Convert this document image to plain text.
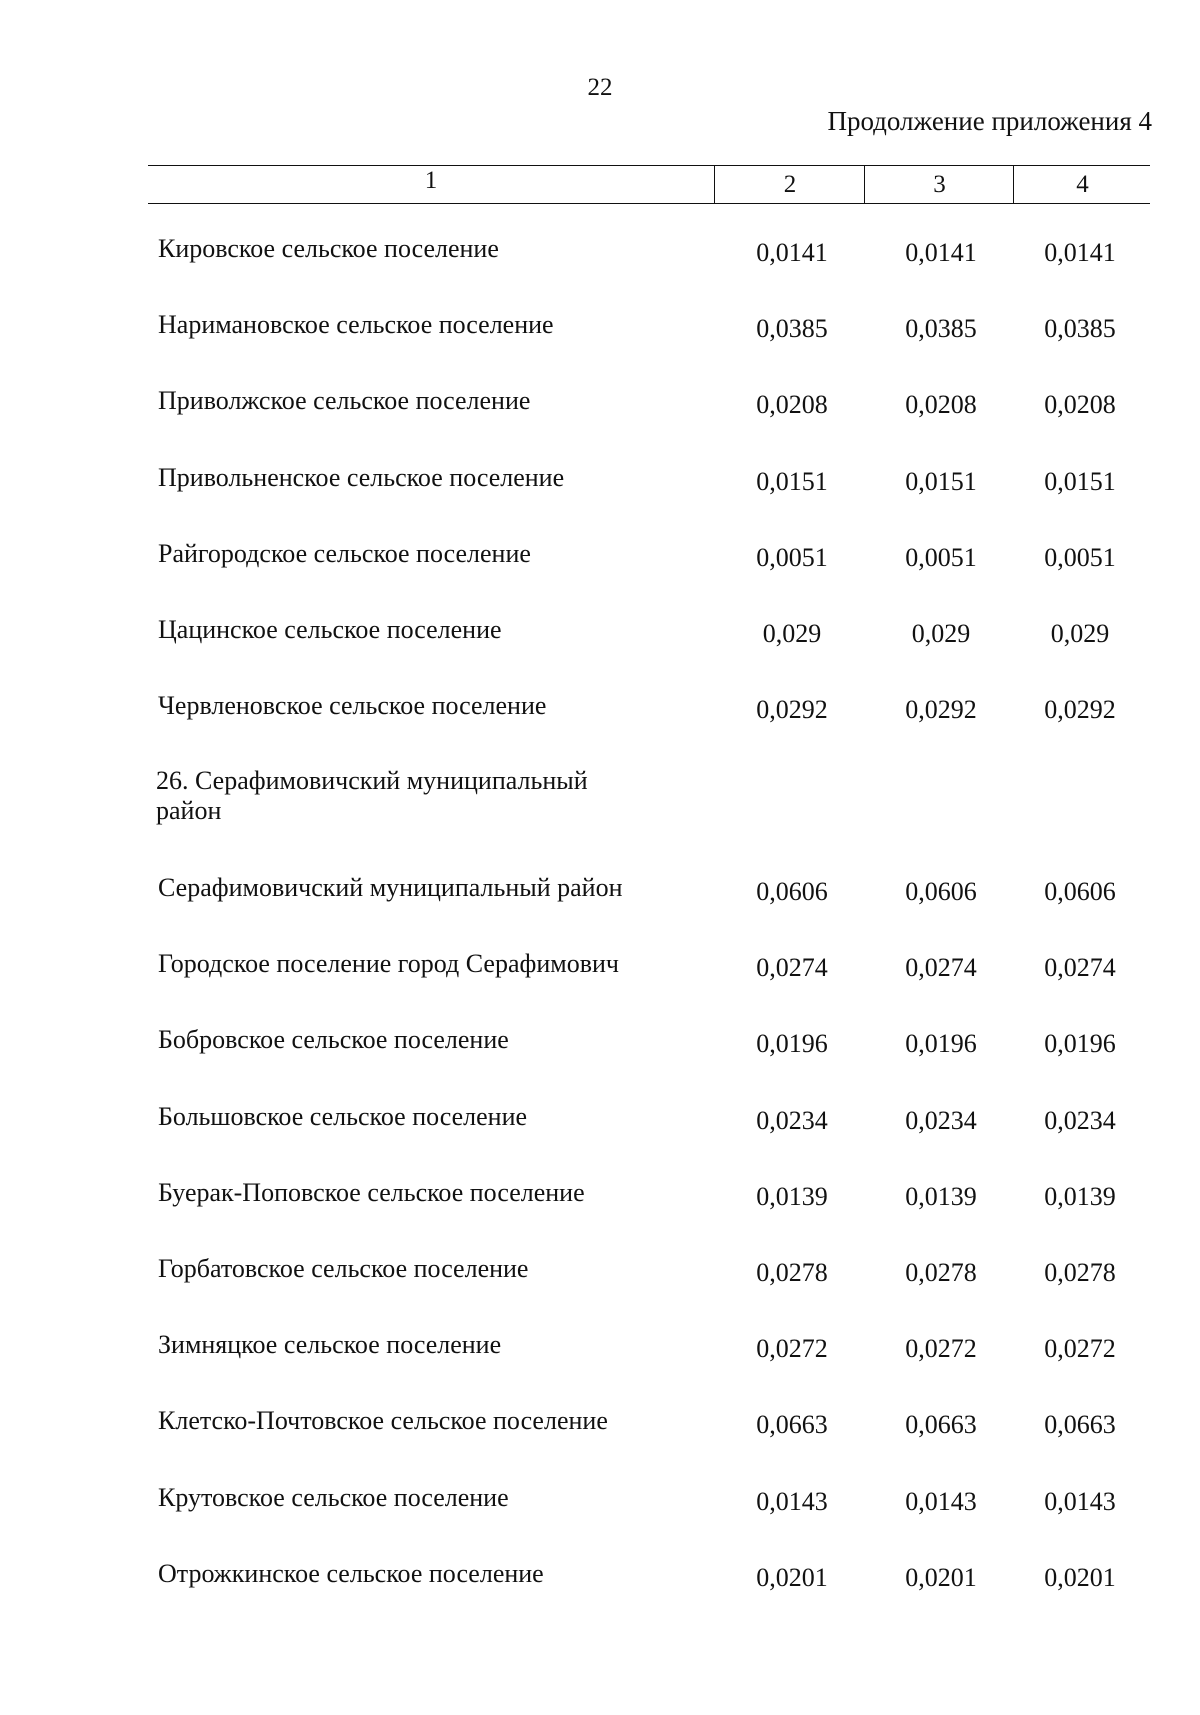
22
Продолжение приложения 4
1	2	3	4
Кировское сельское поселение	0,0141	0,0141	0,0141
Наримановское сельское поселение	0,0385	0,0385	0,0385
Приволжское сельское поселение	0,0208	0,0208	0,0208
Привольненское сельское поселение	0,0151	0,0151	0,0151
Райгородское сельское поселение	0,0051	0,0051	0,0051
Цацинское сельское поселение	0,029	0,029	0,029
Червленовское сельское поселение	0,0292	0,0292	0,0292
26. Серафимовичский муниципальный район
Серафимовичский муниципальный район	0,0606	0,0606	0,0606
Городское поселение город Серафимович	0,0274	0,0274	0,0274
Бобровское сельское поселение	0,0196	0,0196	0,0196
Большовское сельское поселение	0,0234	0,0234	0,0234
Буерак-Поповское сельское поселение	0,0139	0,0139	0,0139
Горбатовское сельское поселение	0,0278	0,0278	0,0278
Зимняцкое сельское поселение	0,0272	0,0272	0,0272
Клетско-Почтовское сельское поселение	0,0663	0,0663	0,0663
Крутовское сельское поселение	0,0143	0,0143	0,0143
Отрожкинское сельское поселение	0,0201	0,0201	0,0201
